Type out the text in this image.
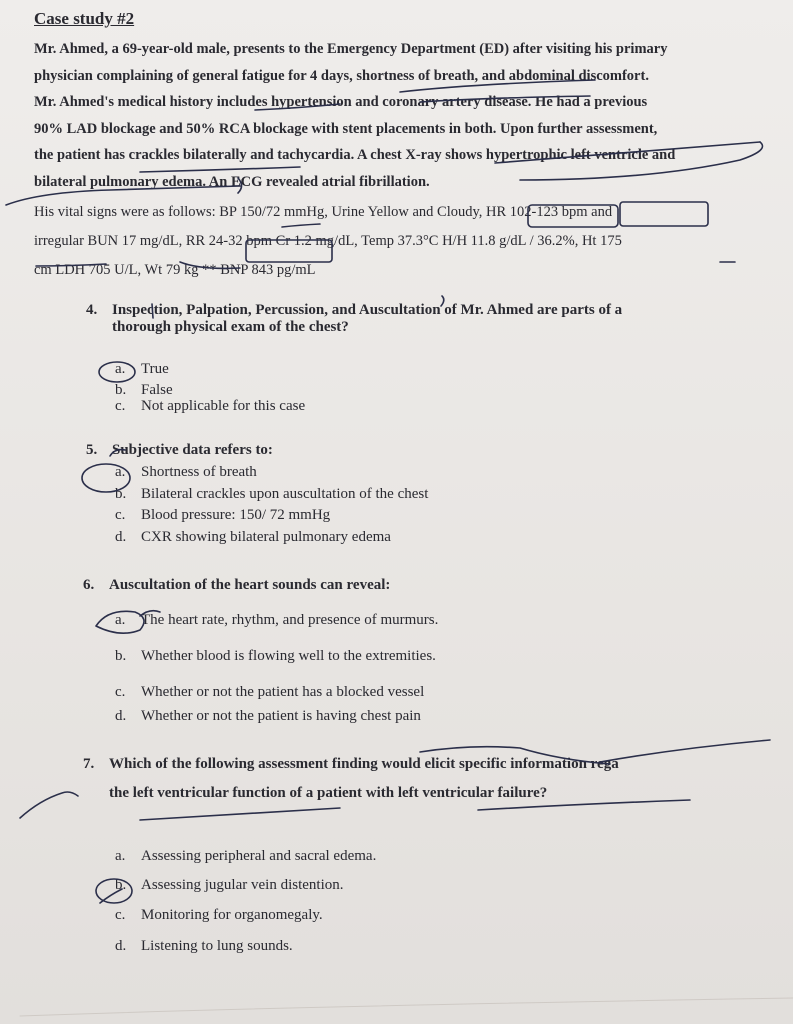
Case study #2

Mr. Ahmed, a 69-year-old male, presents to the Emergency Department (ED) after visiting his primary

physician complaining of general fatigue for 4 days, shortness of breath, and abdominal discomfort.

Mr. Ahmed's medical history includes hypertension and coronary artery disease. He had a previous

90% LAD blockage and 50% RCA blockage with stent placements in both. Upon further assessment,

the patient has crackles bilaterally and tachycardia. A chest X-ray shows hypertrophic left ventricle and

bilateral pulmonary edema. An ECG revealed atrial fibrillation.

His vital signs were as follows: BP 150/72 mmHg, Urine Yellow and Cloudy, HR 102-123 bpm and

irregular BUN 17 mg/dL, RR 24-32 bpm Cr 1.2 mg/dL, Temp 37.3°C H/H 11.8 g/dL / 36.2%, Ht 175

cm LDH 705 U/L, Wt 79 kg ** BNP 843 pg/mL

4. Inspection, Palpation, Percussion, and Auscultation of Mr. Ahmed are parts of a
thorough physical exam of the chest?
a. True
b. False
c. Not applicable for this case
5. Subjective data refers to:
a. Shortness of breath
b. Bilateral crackles upon auscultation of the chest
c. Blood pressure: 150/ 72 mmHg
d. CXR showing bilateral pulmonary edema
6. Auscultation of the heart sounds can reveal:
a. The heart rate, rhythm, and presence of murmurs.
b. Whether blood is flowing well to the extremities.
c. Whether or not the patient has a blocked vessel
d. Whether or not the patient is having chest pain
7. Which of the following assessment finding would elicit specific information rega
the left ventricular function of a patient with left ventricular failure?
a. Assessing peripheral and sacral edema.
b. Assessing jugular vein distention.
c. Monitoring for organomegaly.
d. Listening to lung sounds.
